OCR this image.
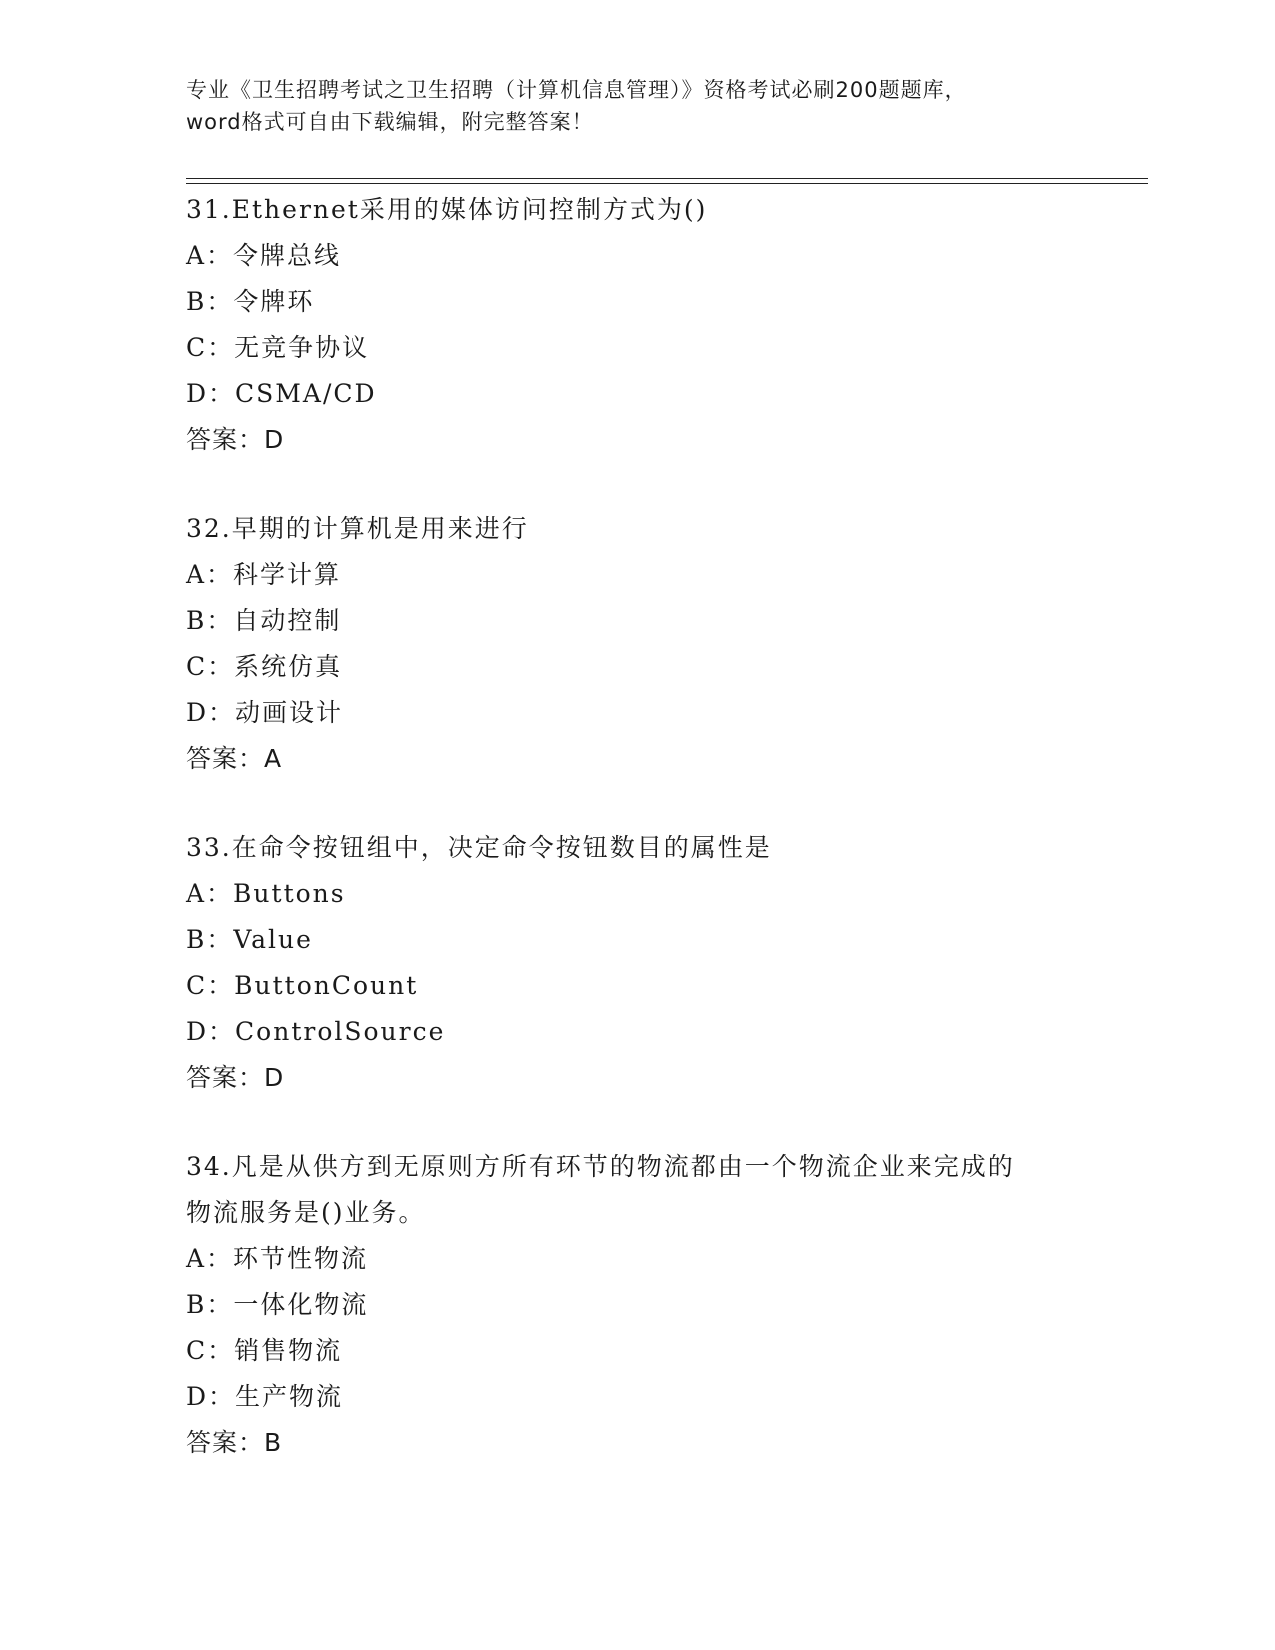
专业《卫生招聘考试之卫生招聘（计算机信息管理）》资格考试必刷200题题库，
word格式可自由下载编辑，附完整答案！
31.Ethernet采用的媒体访问控制方式为()
A：令牌总线
B：令牌环
C：无竞争协议
D：CSMA/CD
答案：D
32.早期的计算机是用来进行
A：科学计算
B：自动控制
C：系统仿真
D：动画设计
答案：A
33.在命令按钮组中，决定命令按钮数目的属性是
A：Buttons
B：Value
C：ButtonCount
D：ControlSource
答案：D
34.凡是从供方到无原则方所有环节的物流都由一个物流企业来完成的
物流服务是()业务。
A：环节性物流
B：一体化物流
C：销售物流
D：生产物流
答案：B
